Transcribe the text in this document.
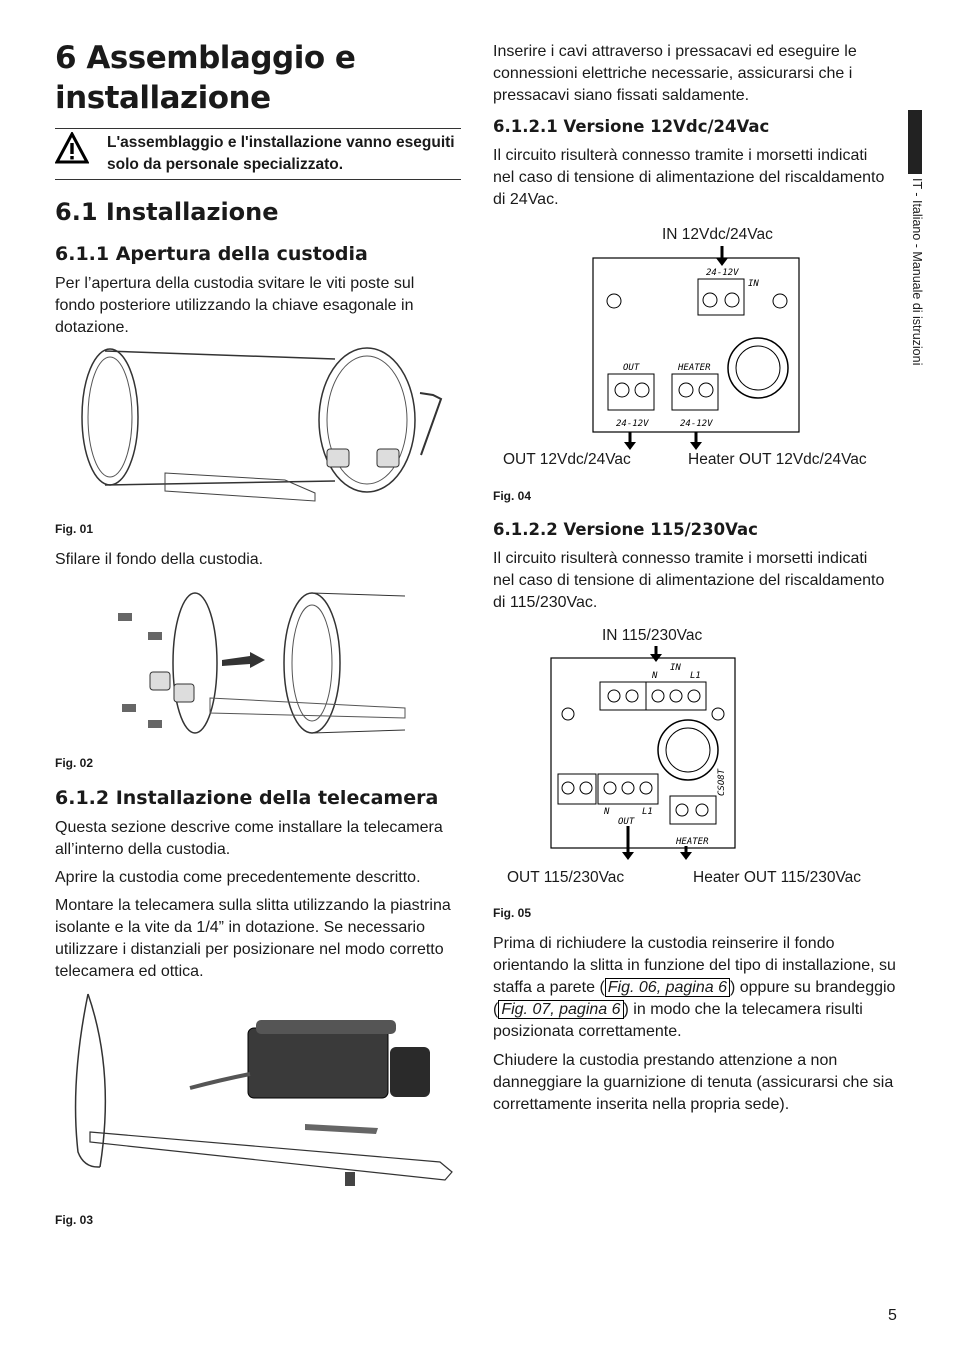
6 Assemblaggio e installazione
L'assemblaggio e l'installazione vanno eseguiti solo da personale specializzato.
6.1 Installazione
6.1.1 Apertura della custodia
Per l’apertura della custodia svitare le viti poste sul fondo posteriore utilizzando la chiave esagonale in dotazione.
Fig. 01
Sfilare il fondo della custodia.
Fig. 02
6.1.2 Installazione della telecamera
Questa sezione descrive come installare la telecamera all’interno della custodia.
Aprire la custodia come precedentemente descritto.
Montare la telecamera sulla slitta utilizzando la piastrina isolante e la vite da 1/4” in dotazione. Se necessario utilizzare i distanziali per posizionare nel modo corretto telecamera ed ottica.
Fig. 03
Inserire i cavi attraverso i pressacavi ed eseguire le connessioni elettriche necessarie, assicurarsi che i pressacavi siano fissati saldamente.
6.1.2.1 Versione 12Vdc/24Vac
Il circuito risulterà connesso tramite i morsetti indicati nel caso di tensione di alimentazione del riscaldamento di 24Vac.
IN 12Vdc/24Vac
24-12V
IN
OUT	HEATER
24-12V	24-12V
OUT 12Vdc/24Vac	Heater OUT 12Vdc/24Vac
Fig. 04
6.1.2.2 Versione 115/230Vac
Il circuito risulterà connesso tramite i morsetti indicati nel caso di tensione di alimentazione del riscaldamento di 115/230Vac.
IN 115/230Vac
IN
N	L1
CSO8T
N	L1
OUT
HEATER
OUT 115/230Vac	Heater OUT 115/230Vac
Fig. 05
Prima di richiudere la custodia reinserire il fondo orientando la slitta in funzione del tipo di installazione, su staffa a parete ( Fig. 06, pagina 6 ) oppure su brandeggio ( Fig. 07, pagina 6 ) in modo che la telecamera risulti posizionata correttamente.
Chiudere la custodia prestando attenzione a non danneggiare la guarnizione di tenuta (assicurarsi che sia correttamente inserita nella propria sede).
IT - Italiano - Manuale di istruzioni
5
